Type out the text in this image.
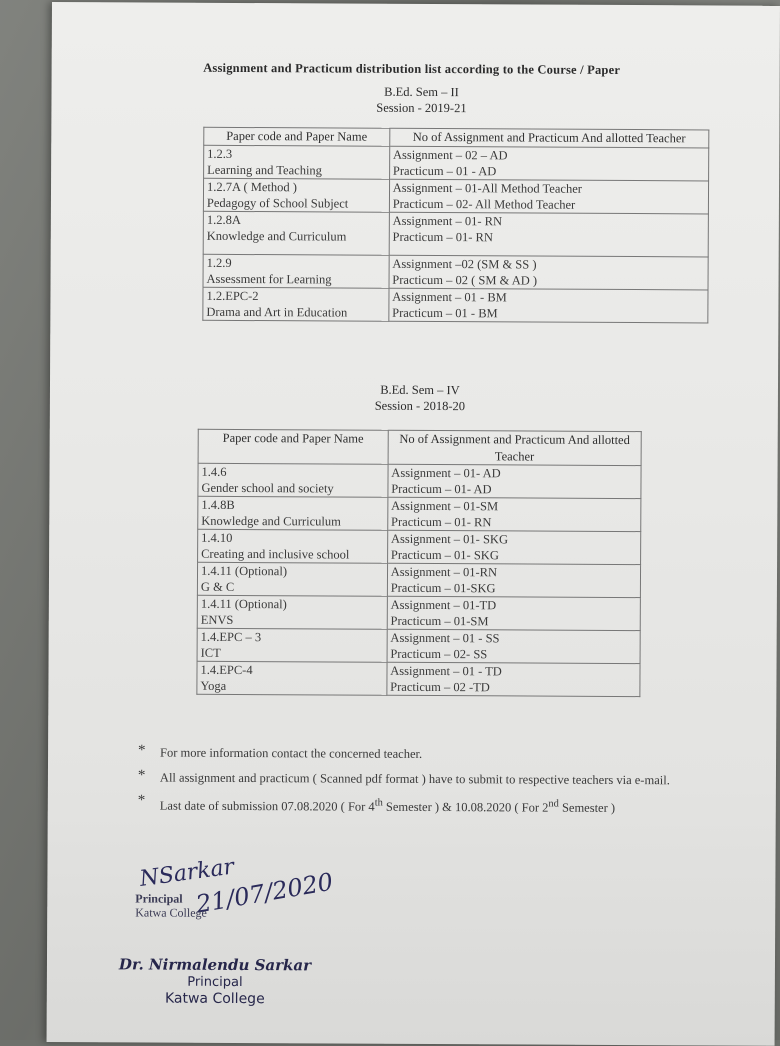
Assignment and Practicum distribution list according to the Course / Paper
B.Ed. Sem – II
Session - 2019-21
Paper code and Paper Name	No of Assignment and Practicum And allotted Teacher

1.2.3
Learning and Teaching	Assignment – 02 – AD
Practicum – 01 - AD

1.2.7A ( Method )
Pedagogy of School Subject	Assignment – 01-All Method Teacher
Practicum – 02- All Method Teacher

1.2.8A
Knowledge and Curriculum	Assignment – 01- RN
Practicum – 01- RN

1.2.9
Assessment for Learning	Assignment –02 (SM & SS )
Practicum – 02 ( SM & AD )

1.2.EPC-2
Drama and Art in Education	Assignment – 01 - BM
Practicum – 01 - BM
B.Ed. Sem – IV
Session - 2018-20
Paper code and Paper Name	No of Assignment and Practicum And allotted Teacher

1.4.6
Gender school and society	Assignment – 01- AD
Practicum – 01- AD

1.4.8B
Knowledge and Curriculum	Assignment – 01-SM
Practicum – 01- RN

1.4.10
Creating and inclusive school	Assignment – 01- SKG
Practicum – 01- SKG

1.4.11 (Optional)
G & C	Assignment – 01-RN
Practicum – 01-SKG

1.4.11 (Optional)
ENVS	Assignment – 01-TD
Practicum – 01-SM

1.4.EPC – 3
ICT	Assignment – 01 - SS
Practicum – 02- SS

1.4.EPC-4
Yoga	Assignment – 01 - TD
Practicum – 02 -TD
* For more information contact the concerned teacher.
* All assignment and practicum ( Scanned pdf format ) have to submit to respective teachers via e-mail.
* Last date of submission 07.08.2020 ( For 4th Semester ) & 10.08.2020 ( For 2nd Semester )
NSarkar
21/07/2020
Principal
Katwa College
Dr. Nirmalendu Sarkar
Principal
Katwa College
